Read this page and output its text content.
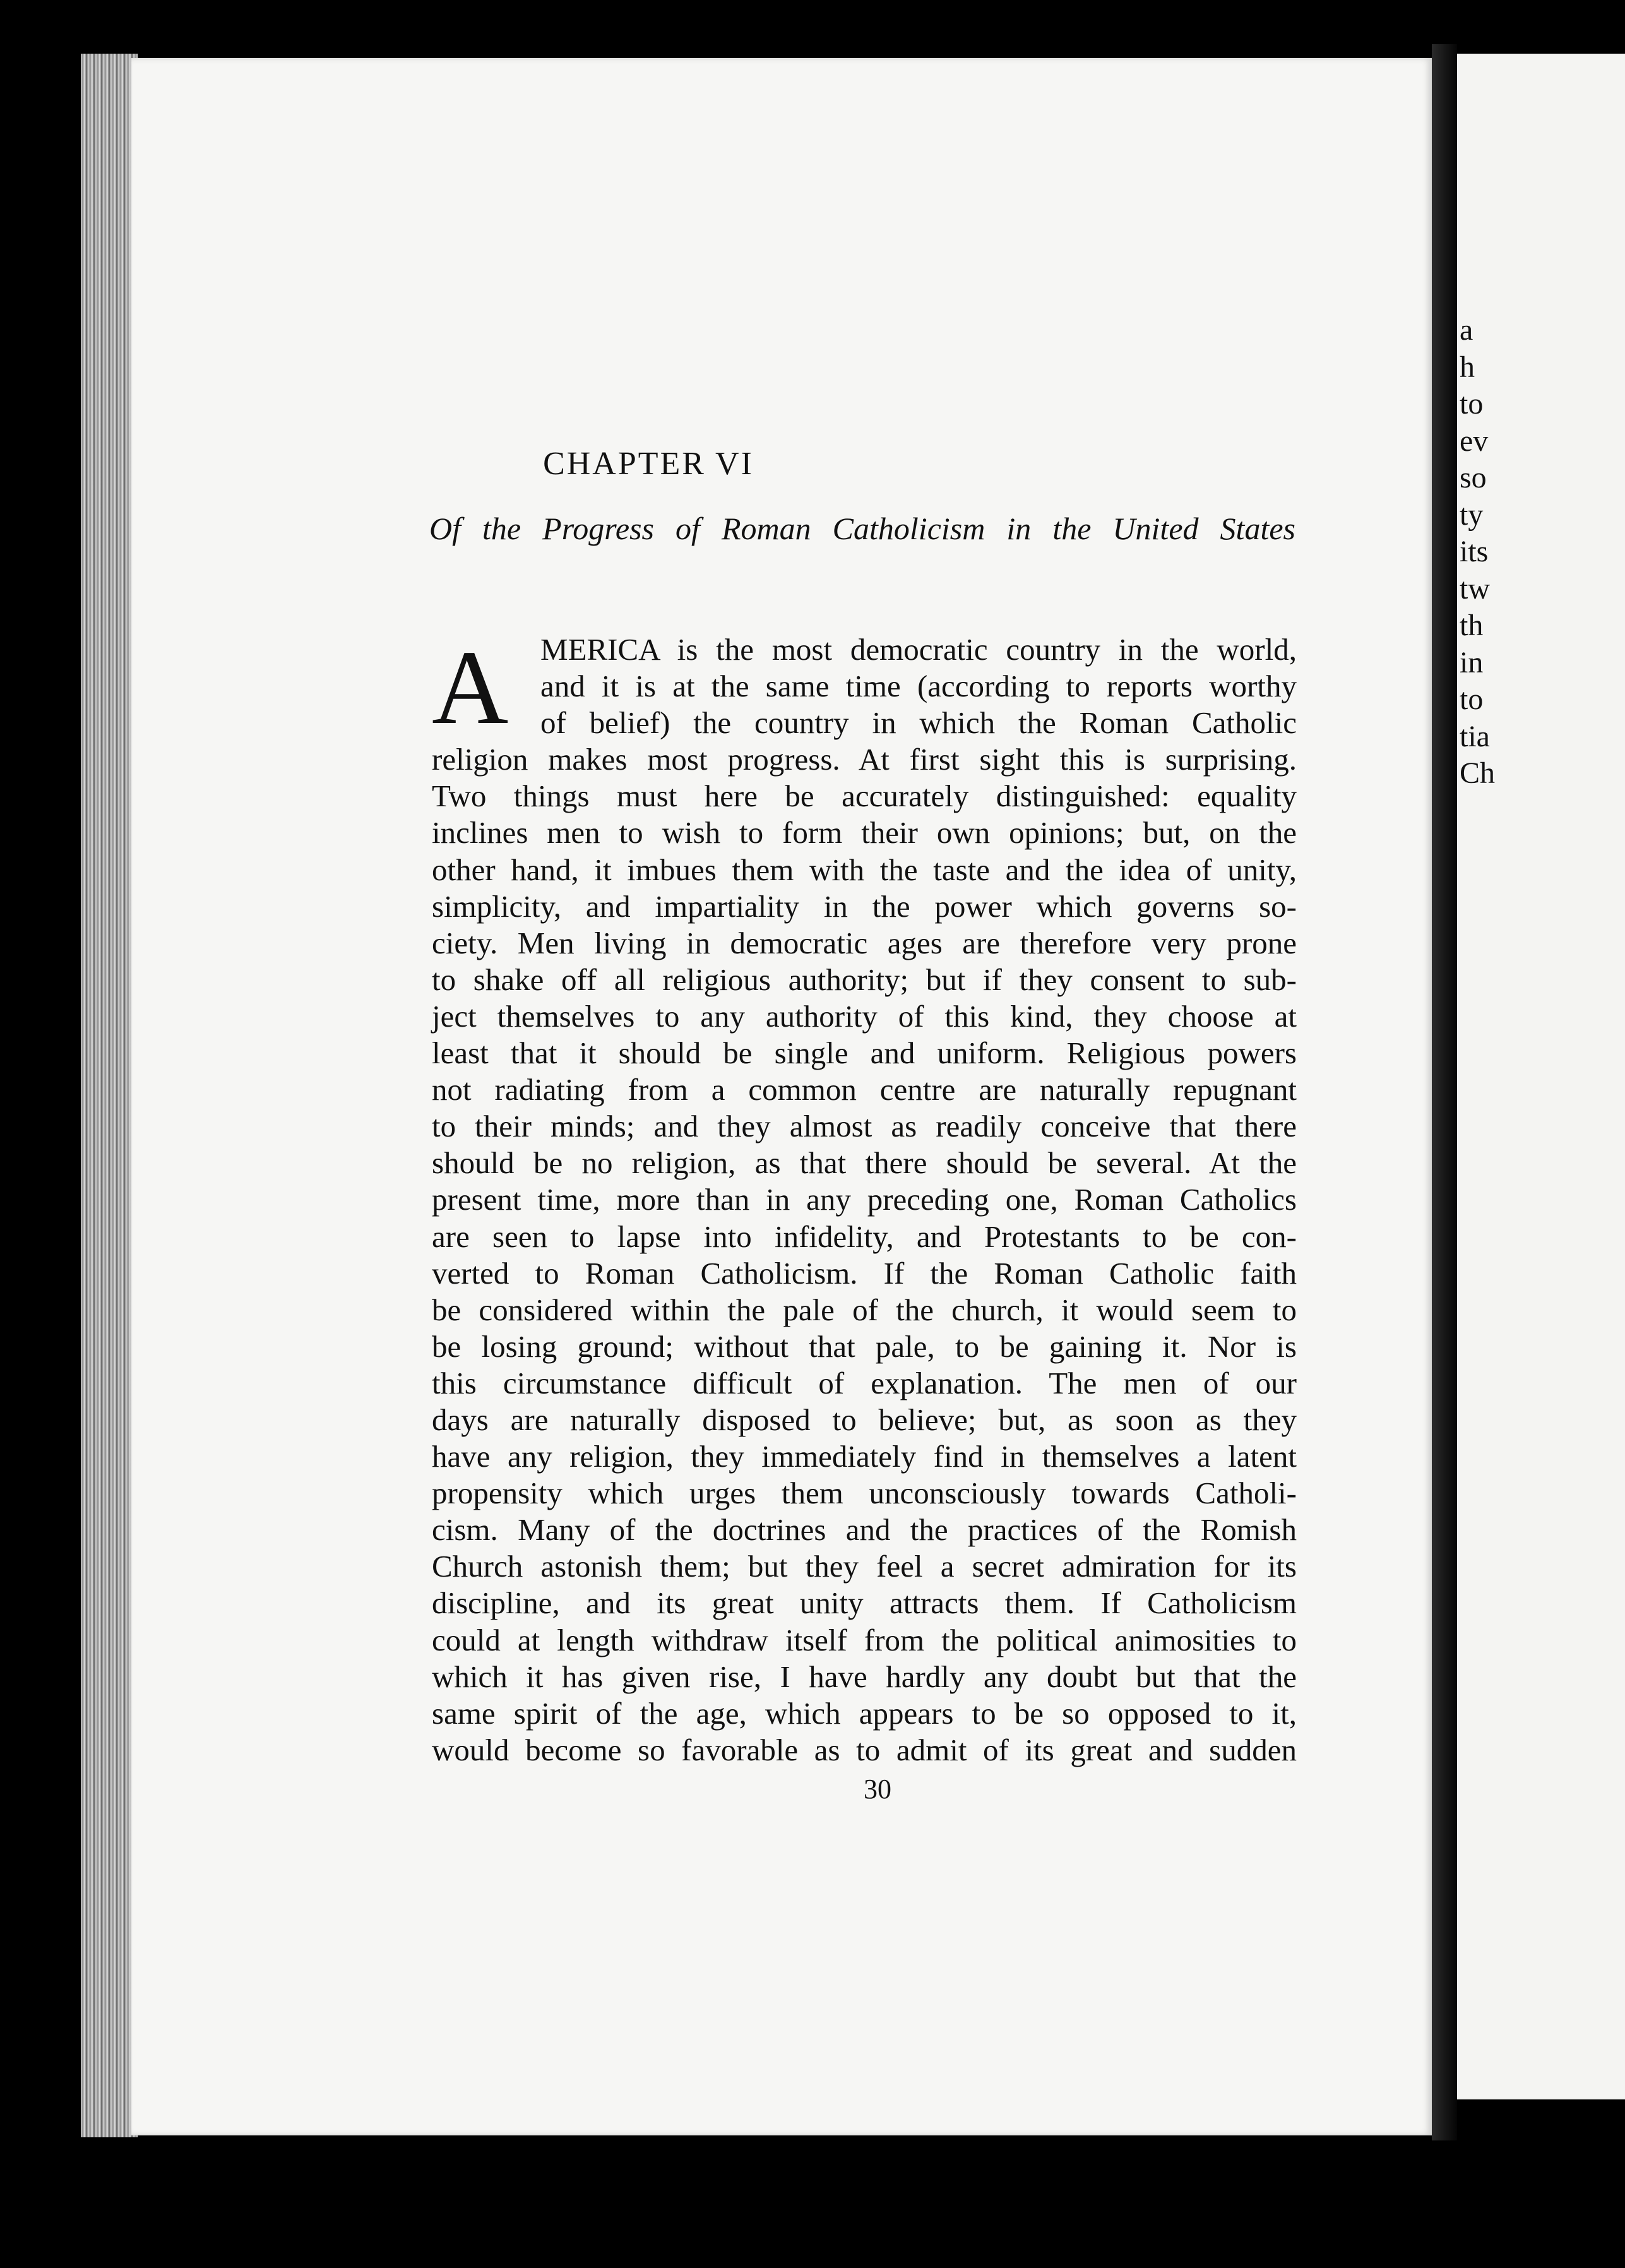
a
h
to
ev
so
ty
its
tw
th
in
to
tia
Ch
CHAPTER VI
Of the Progress of Roman Catholicism in the United States
A	MERICA is the most democratic country in the world,
and it is at the same time (according to reports worthy
of belief) the country in which the Roman Catholic
religion makes most progress. At first sight this is surprising.
Two things must here be accurately distinguished: equality
inclines men to wish to form their own opinions; but, on the
other hand, it imbues them with the taste and the idea of unity,
simplicity, and impartiality in the power which governs so-
ciety. Men living in democratic ages are therefore very prone
to shake off all religious authority; but if they consent to sub-
ject themselves to any authority of this kind, they choose at
least that it should be single and uniform. Religious powers
not radiating from a common centre are naturally repugnant
to their minds; and they almost as readily conceive that there
should be no religion, as that there should be several. At the
present time, more than in any preceding one, Roman Catholics
are seen to lapse into infidelity, and Protestants to be con-
verted to Roman Catholicism. If the Roman Catholic faith
be considered within the pale of the church, it would seem to
be losing ground; without that pale, to be gaining it. Nor is
this circumstance difficult of explanation. The men of our
days are naturally disposed to believe; but, as soon as they
have any religion, they immediately find in themselves a latent
propensity which urges them unconsciously towards Catholi-
cism. Many of the doctrines and the practices of the Romish
Church astonish them; but they feel a secret admiration for its
discipline, and its great unity attracts them. If Catholicism
could at length withdraw itself from the political animosities to
which it has given rise, I have hardly any doubt but that the
same spirit of the age, which appears to be so opposed to it,
would become so favorable as to admit of its great and sudden
30
